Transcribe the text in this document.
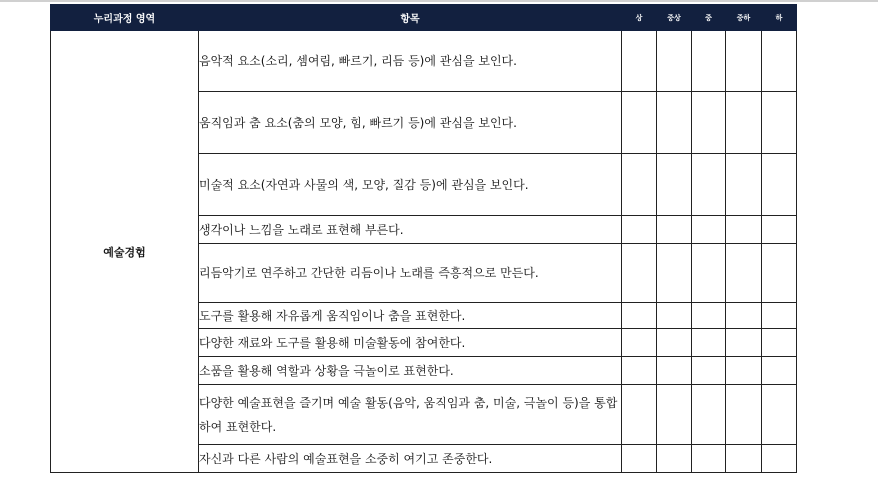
누리과정 영역	항목	상	중상	중	중하	하
예술경험	음악적 요소(소리, 셈여림, 빠르기, 리듬 등)에 관심을 보인다.					
	움직임과 춤 요소(춤의 모양, 힘, 빠르기 등)에 관심을 보인다.					
	미술적 요소(자연과 사물의 색, 모양, 질감 등)에 관심을 보인다.					
	생각이나 느낌을 노래로 표현해 부른다.					
	리듬악기로 연주하고 간단한 리듬이나 노래를 즉흥적으로 만든다.					
	도구를 활용해 자유롭게 움직임이나 춤을 표현한다.					
	다양한 재료와 도구를 활용해 미술활동에 참여한다.					
	소품을 활용해 역할과 상황을 극놀이로 표현한다.					
	다양한 예술표현을 즐기며 예술 활동(음악, 움직임과 춤, 미술, 극놀이 등)을 통합하여 표현한다.					
	자신과 다른 사람의 예술표현을 소중히 여기고 존중한다.					
